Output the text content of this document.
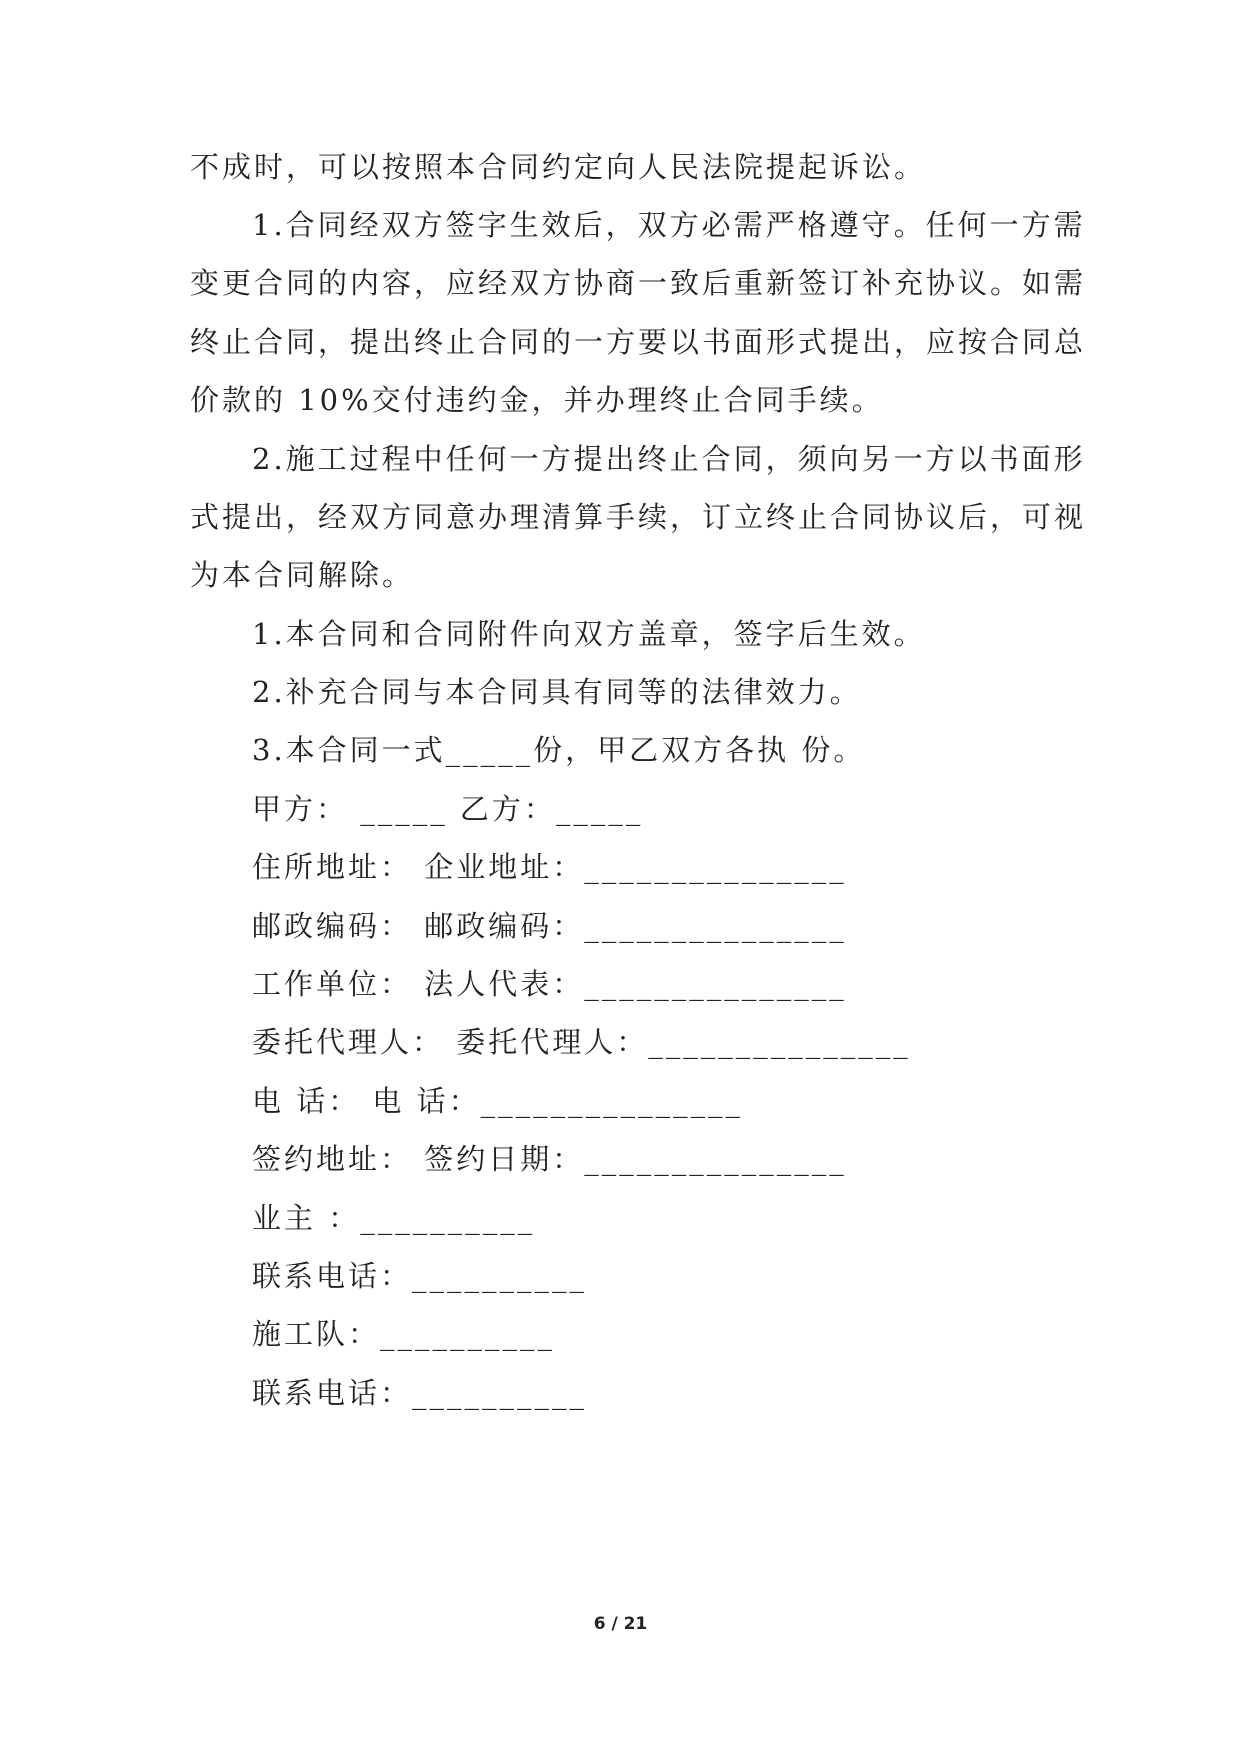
不成时，可以按照本合同约定向人民法院提起诉讼。
1.合同经双方签字生效后，双方必需严格遵守。任何一方需
变更合同的内容，应经双方协商一致后重新签订补充协议。如需
终止合同，提出终止合同的一方要以书面形式提出，应按合同总
价款的 10%交付违约金，并办理终止合同手续。
2.施工过程中任何一方提出终止合同，须向另一方以书面形
式提出，经双方同意办理清算手续，订立终止合同协议后，可视
为本合同解除。
1.本合同和合同附件向双方盖章，签字后生效。
2.补充合同与本合同具有同等的法律效力。
3.本合同一式_____份，甲乙双方各执 份。
甲方： _____ 乙方：_____
住所地址： 企业地址：_______________
邮政编码： 邮政编码：_______________
工作单位： 法人代表：_______________
委托代理人： 委托代理人：_______________
电 话： 电 话：_______________
签约地址： 签约日期：_______________
业主 ：__________
联系电话：__________
施工队：__________
联系电话：__________
6 / 21
